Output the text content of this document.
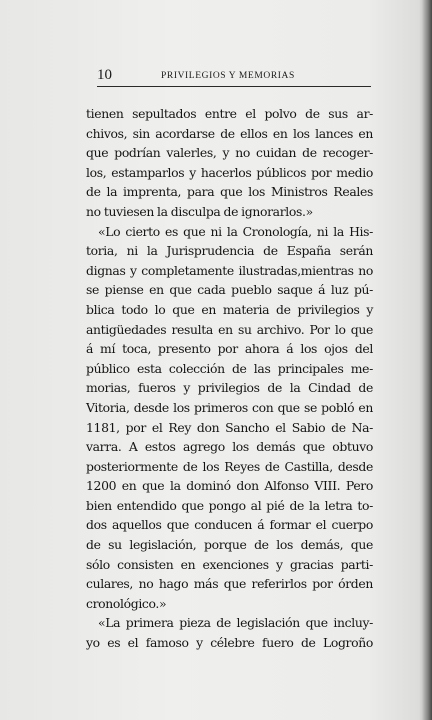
10	PRIVILEGIOS Y MEMORIAS
tienen sepultados entre el polvo de sus ar-
chivos, sin acordarse de ellos en los lances en
que podrían valerles, y no cuidan de recoger-
los, estamparlos y hacerlos públicos por medio
de la imprenta, para que los Ministros Reales
no tuviesen la disculpa de ignorarlos.»
«Lo cierto es que ni la Cronología, ni la His-
toria, ni la Jurisprudencia de España serán
dignas y completamente ilustradas,mientras no
se piense en que cada pueblo saque á luz pú-
blica todo lo que en materia de privilegios y
antigüedades resulta en su archivo. Por lo que
á mí toca, presento por ahora á los ojos del
público esta colección de las principales me-
morias, fueros y privilegios de la Cindad de
Vitoria, desde los primeros con que se pobló en
1181, por el Rey don Sancho el Sabio de Na-
varra. A estos agrego los demás que obtuvo
posteriormente de los Reyes de Castilla, desde
1200 en que la dominó don Alfonso VIII. Pero
bien entendido que pongo al pié de la letra to-
dos aquellos que conducen á formar el cuerpo
de su legislación, porque de los demás, que
sólo consisten en exenciones y gracias parti-
culares, no hago más que referirlos por órden
cronológico.»
«La primera pieza de legislación que incluy-
yo es el famoso y célebre fuero de Logroño
